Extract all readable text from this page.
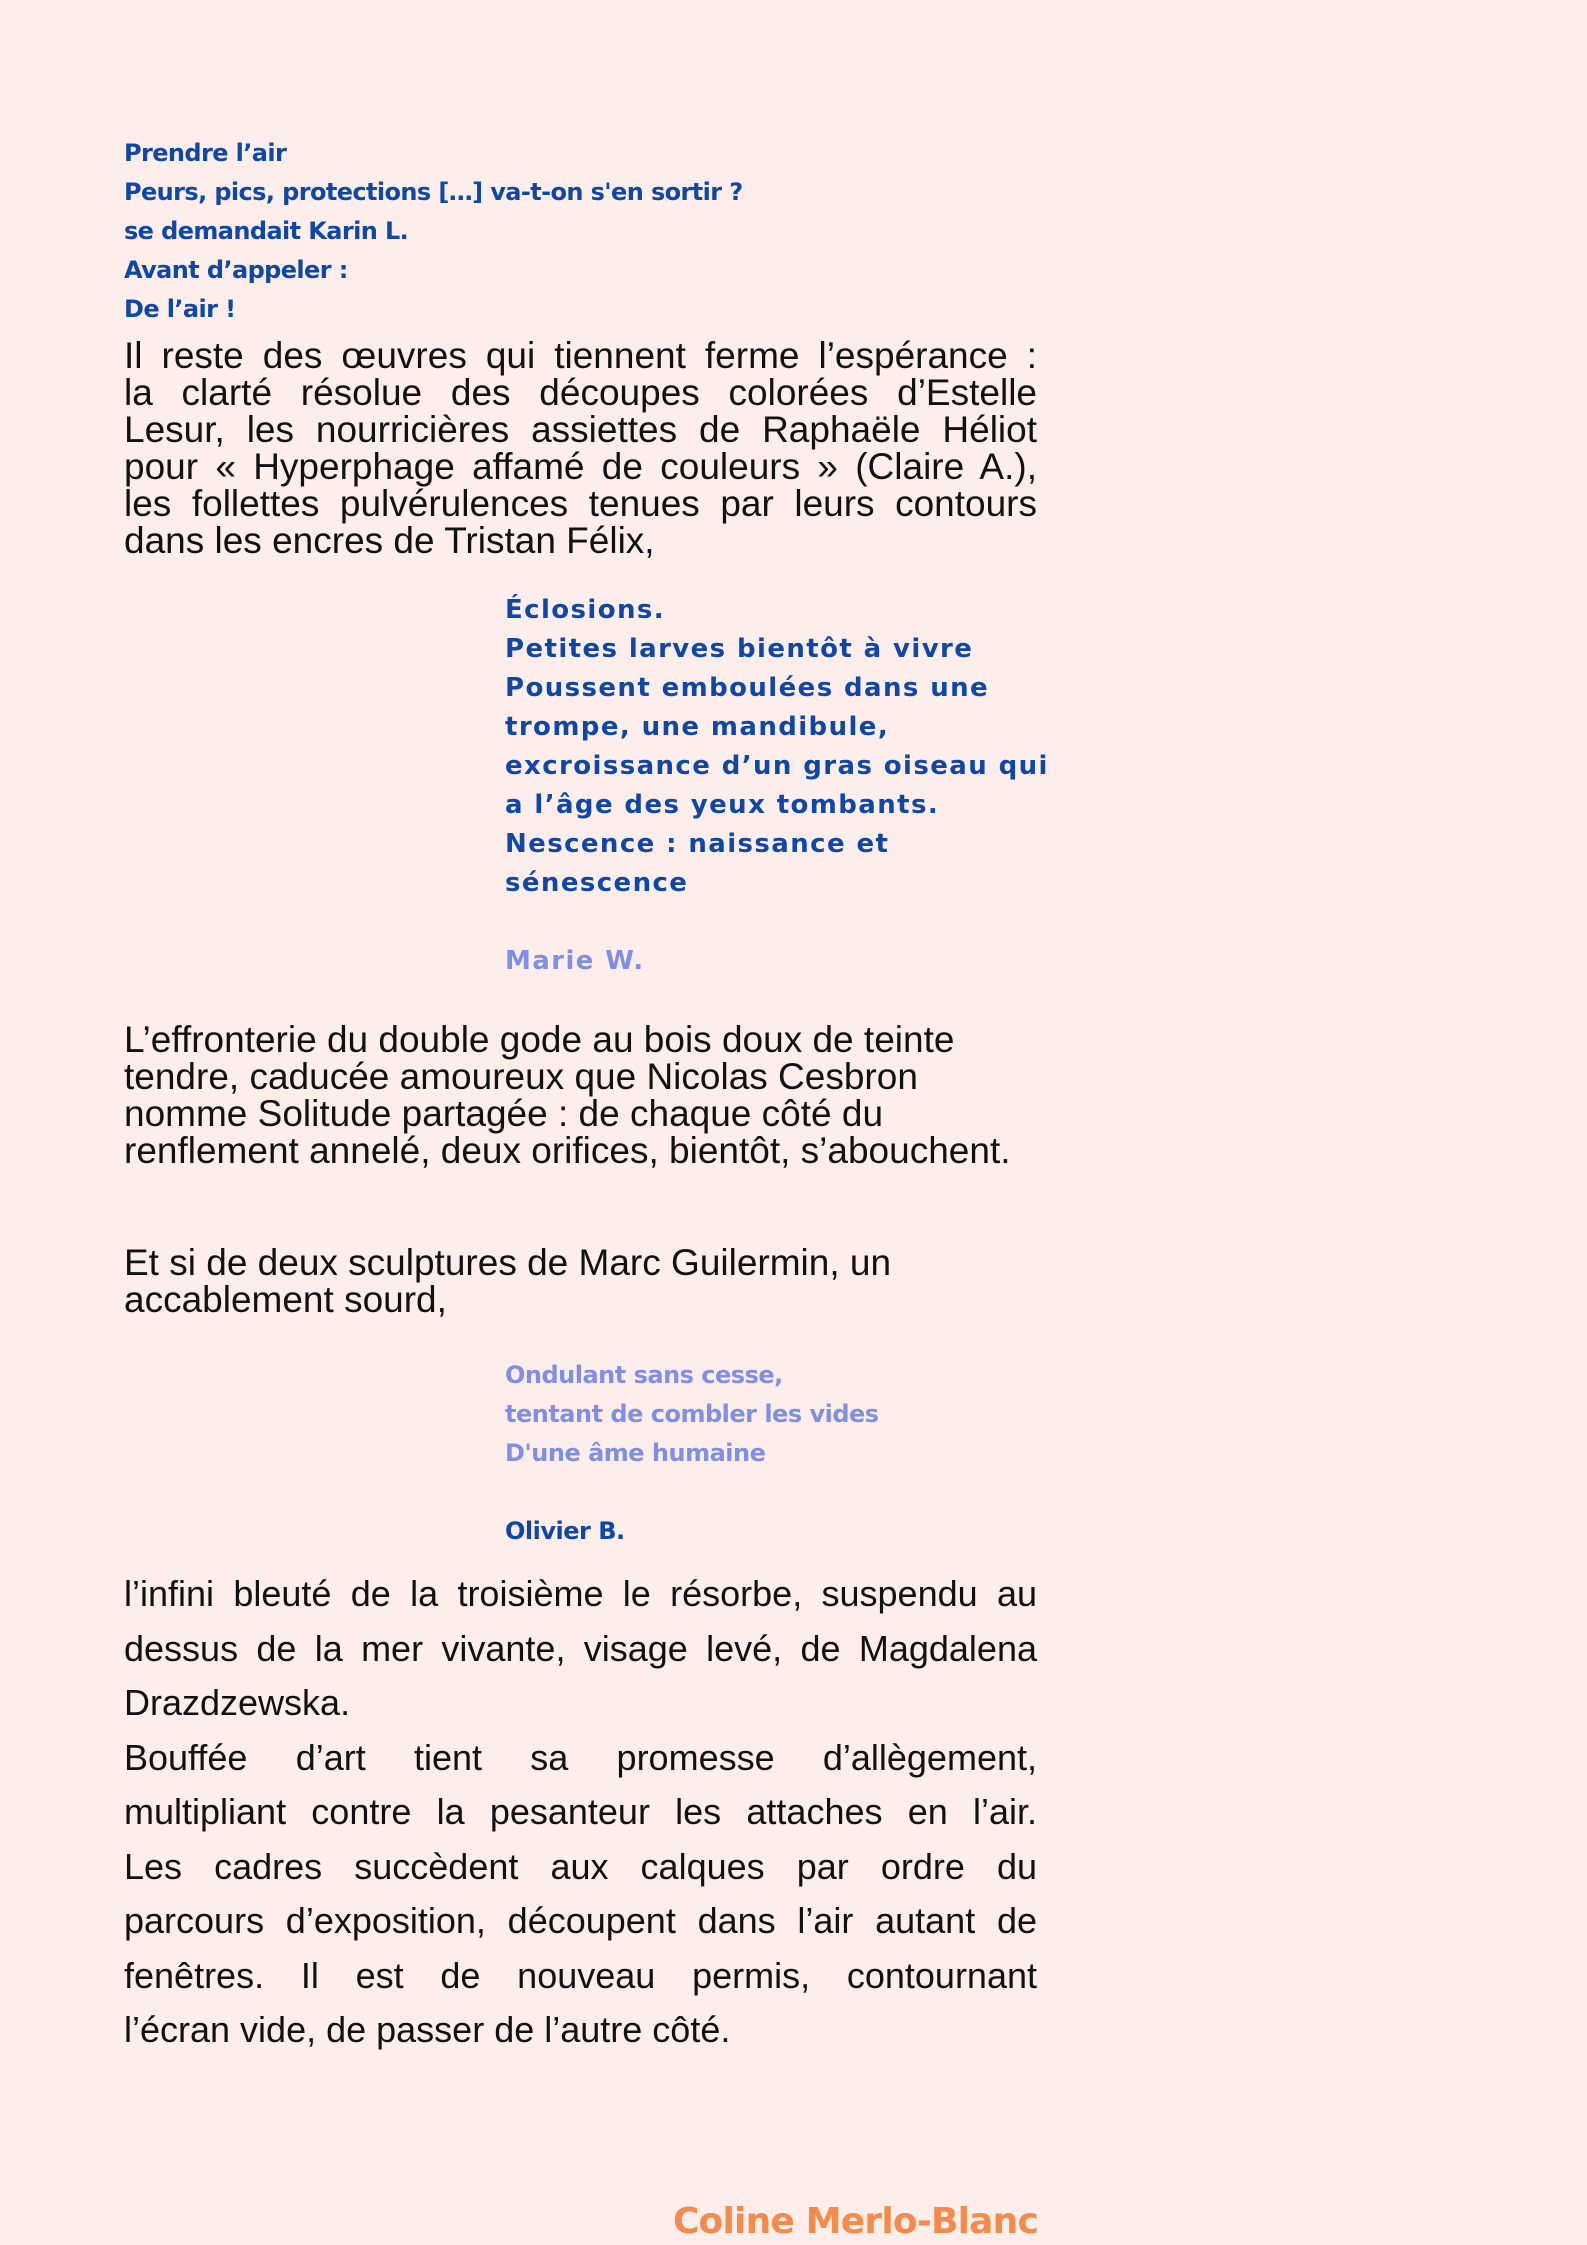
Prendre l’air
Peurs, pics, protections […] va-t-on s'en sortir ?
se demandait Karin L.
Avant d’appeler :
De l’air !
Il reste des œuvres qui tiennent ferme l’espérance :
la clarté résolue des découpes colorées d’Estelle
Lesur, les nourricières assiettes de Raphaële Héliot
pour « Hyperphage affamé de couleurs » (Claire A.),
les follettes pulvérulences tenues par leurs contours
dans les encres de Tristan Félix,
Éclosions.
Petites larves bientôt à vivre
Poussent emboulées dans une
trompe, une mandibule,
excroissance d’un gras oiseau qui
a l’âge des yeux tombants.
Nescence : naissance et
sénescence
Marie W.
L’effronterie du double gode au bois doux de teinte
tendre, caducée amoureux que Nicolas Cesbron
nomme Solitude partagée : de chaque côté du
renflement annelé, deux orifices, bientôt, s’abouchent.
Et si de deux sculptures de Marc Guilermin, un
accablement sourd,
Ondulant sans cesse,
tentant de combler les vides
D'une âme humaine
Olivier B.
l’infini bleuté de la troisième le résorbe, suspendu au
dessus de la mer vivante, visage levé, de Magdalena
Drazdzewska.
Bouffée d’art tient sa promesse d’allègement,
multipliant contre la pesanteur les attaches en l’air.
Les cadres succèdent aux calques par ordre du
parcours d’exposition, découpent dans l’air autant de
fenêtres. Il est de nouveau permis, contournant
l’écran vide, de passer de l’autre côté.
Coline Merlo-Blanc
